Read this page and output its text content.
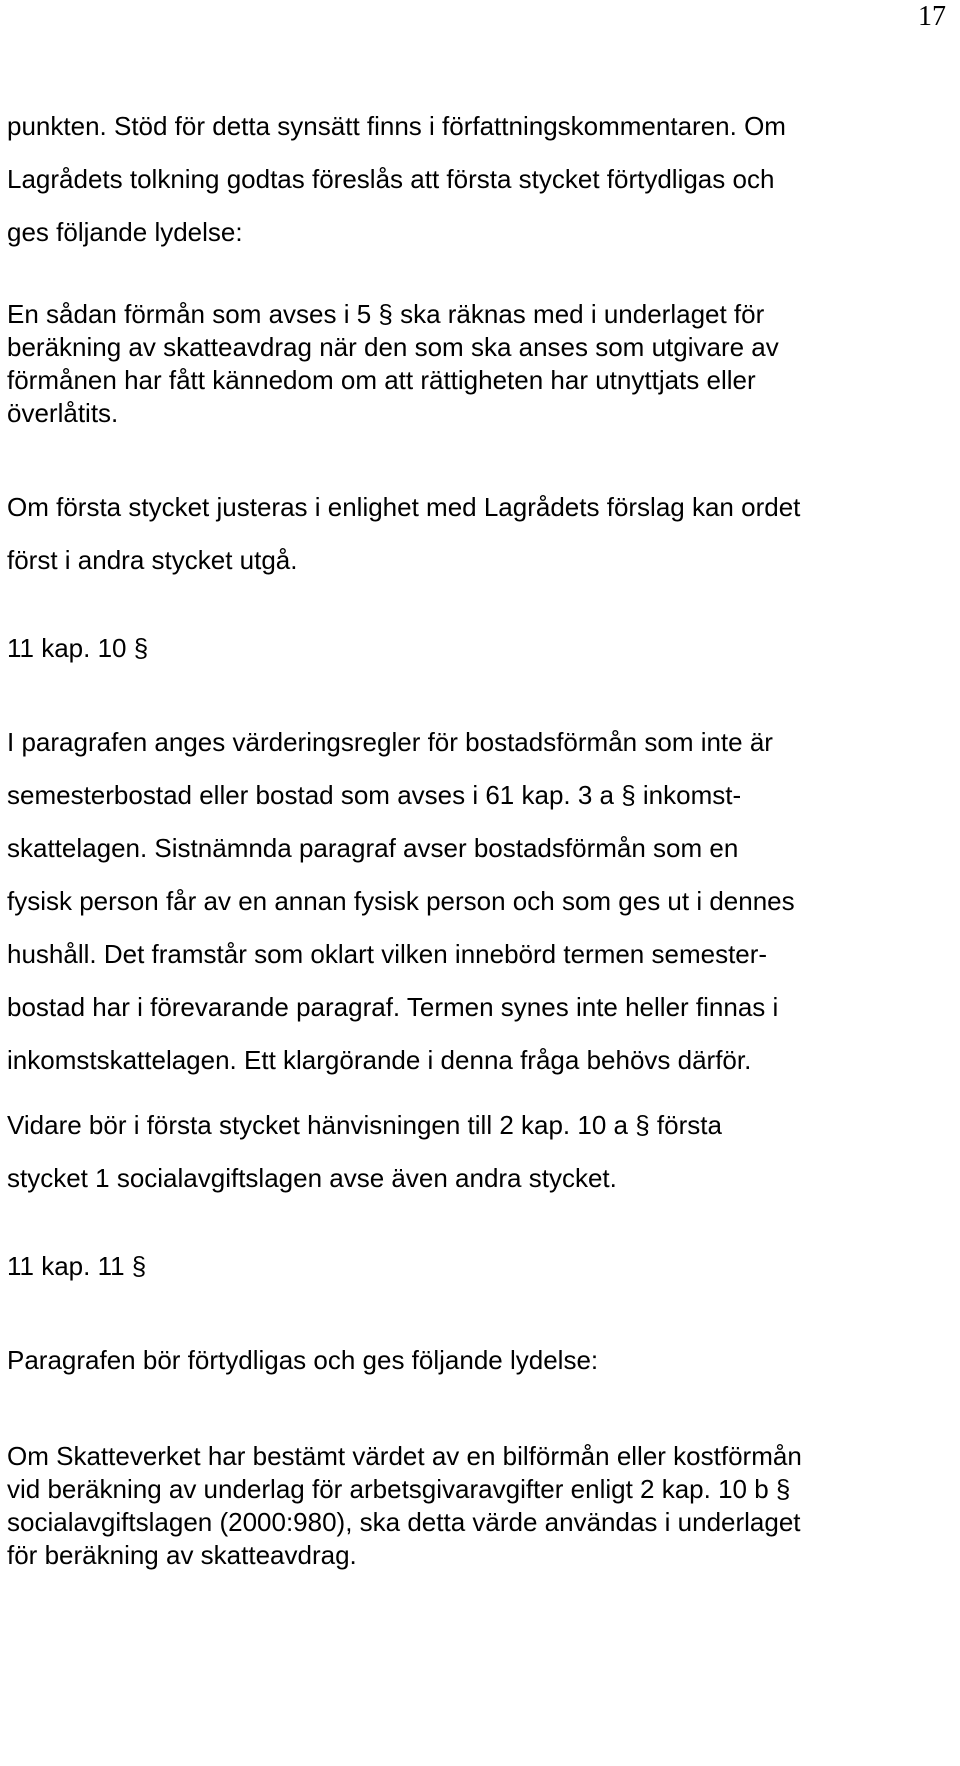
17
punkten. Stöd för detta synsätt finns i författningskommentaren. Om
Lagrådets tolkning godtas föreslås att första stycket förtydligas och
ges följande lydelse:
En sådan förmån som avses i 5 § ska räknas med i underlaget för
beräkning av skatteavdrag när den som ska anses som utgivare av
förmånen har fått kännedom om att rättigheten har utnyttjats eller
överlåtits.
Om första stycket justeras i enlighet med Lagrådets förslag kan ordet
först i andra stycket utgå.
11 kap. 10 §
I paragrafen anges värderingsregler för bostadsförmån som inte är
semesterbostad eller bostad som avses i 61 kap. 3 a § inkomst-
skattelagen. Sistnämnda paragraf avser bostadsförmån som en
fysisk person får av en annan fysisk person och som ges ut i dennes
hushåll. Det framstår som oklart vilken innebörd termen semester-
bostad har i förevarande paragraf. Termen synes inte heller finnas i
inkomstskattelagen. Ett klargörande i denna fråga behövs därför.
Vidare bör i första stycket hänvisningen till 2 kap. 10 a § första
stycket 1 socialavgiftslagen avse även andra stycket.
11 kap. 11 §
Paragrafen bör förtydligas och ges följande lydelse:
Om Skatteverket har bestämt värdet av en bilförmån eller kostförmån
vid beräkning av underlag för arbetsgivaravgifter enligt 2 kap. 10 b §
socialavgiftslagen (2000:980), ska detta värde användas i underlaget
för beräkning av skatteavdrag.
